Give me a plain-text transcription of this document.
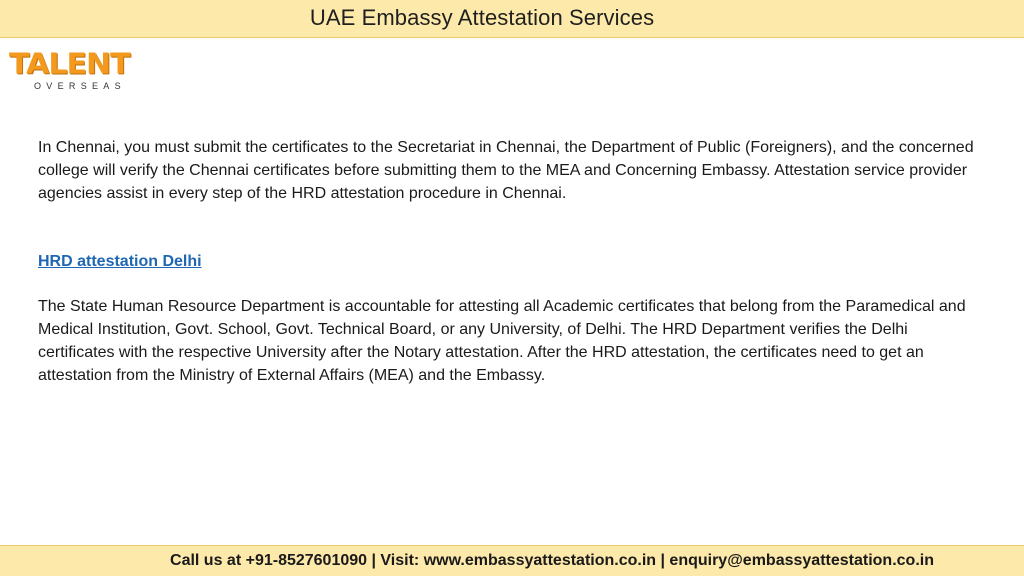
UAE Embassy Attestation Services
TALENT
OVERSEAS

In Chennai, you must submit the certificates to the Secretariat in Chennai, the Department of Public (Foreigners), and the concerned college will verify the Chennai certificates before submitting them to the MEA and Concerning Embassy. Attestation service provider agencies assist in every step of the HRD attestation procedure in Chennai.

HRD attestation Delhi

The State Human Resource Department is accountable for attesting all Academic certificates that belong from the Paramedical and Medical Institution, Govt. School, Govt. Technical Board, or any University, of Delhi. The HRD Department verifies the Delhi certificates with the respective University after the Notary attestation. After the HRD attestation, the certificates need to get an attestation from the Ministry of External Affairs (MEA) and the Embassy.

Call us at +91-8527601090 | Visit: www.embassyattestation.co.in | enquiry@embassyattestation.co.in
